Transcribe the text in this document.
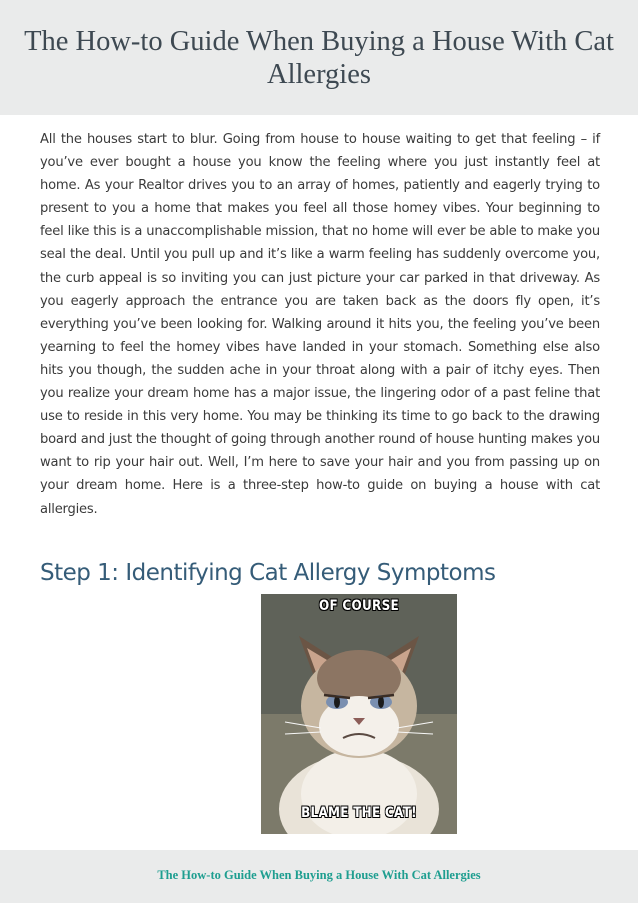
The How-to Guide When Buying a House With Cat Allergies

All the houses start to blur. Going from house to house waiting to get that feeling – if you’ve ever bought a house you know the feeling where you just instantly feel at home. As your Realtor drives you to an array of homes, patiently and eagerly trying to present to you a home that makes you feel all those homey vibes. Your beginning to feel like this is a unaccomplishable mission, that no home will ever be able to make you seal the deal. Until you pull up and it’s like a warm feeling has suddenly overcome you, the curb appeal is so inviting you can just picture your car parked in that driveway. As you eagerly approach the entrance you are taken back as the doors fly open, it’s everything you’ve been looking for. Walking around it hits you, the feeling you’ve been yearning to feel the homey vibes have landed in your stomach. Something else also hits you though, the sudden ache in your throat along with a pair of itchy eyes. Then you realize your dream home has a major issue, the lingering odor of a past feline that use to reside in this very home. You may be thinking its time to go back to the drawing board and just the thought of going through another round of house hunting makes you want to rip your hair out. Well, I’m here to save your hair and you from passing up on your dream home. Here is a three-step how-to guide on buying a house with cat allergies.

Step 1: Identifying Cat Allergy Symptoms
OF COURSE
BLAME THE CAT!
The How-to Guide When Buying a House With Cat Allergies
